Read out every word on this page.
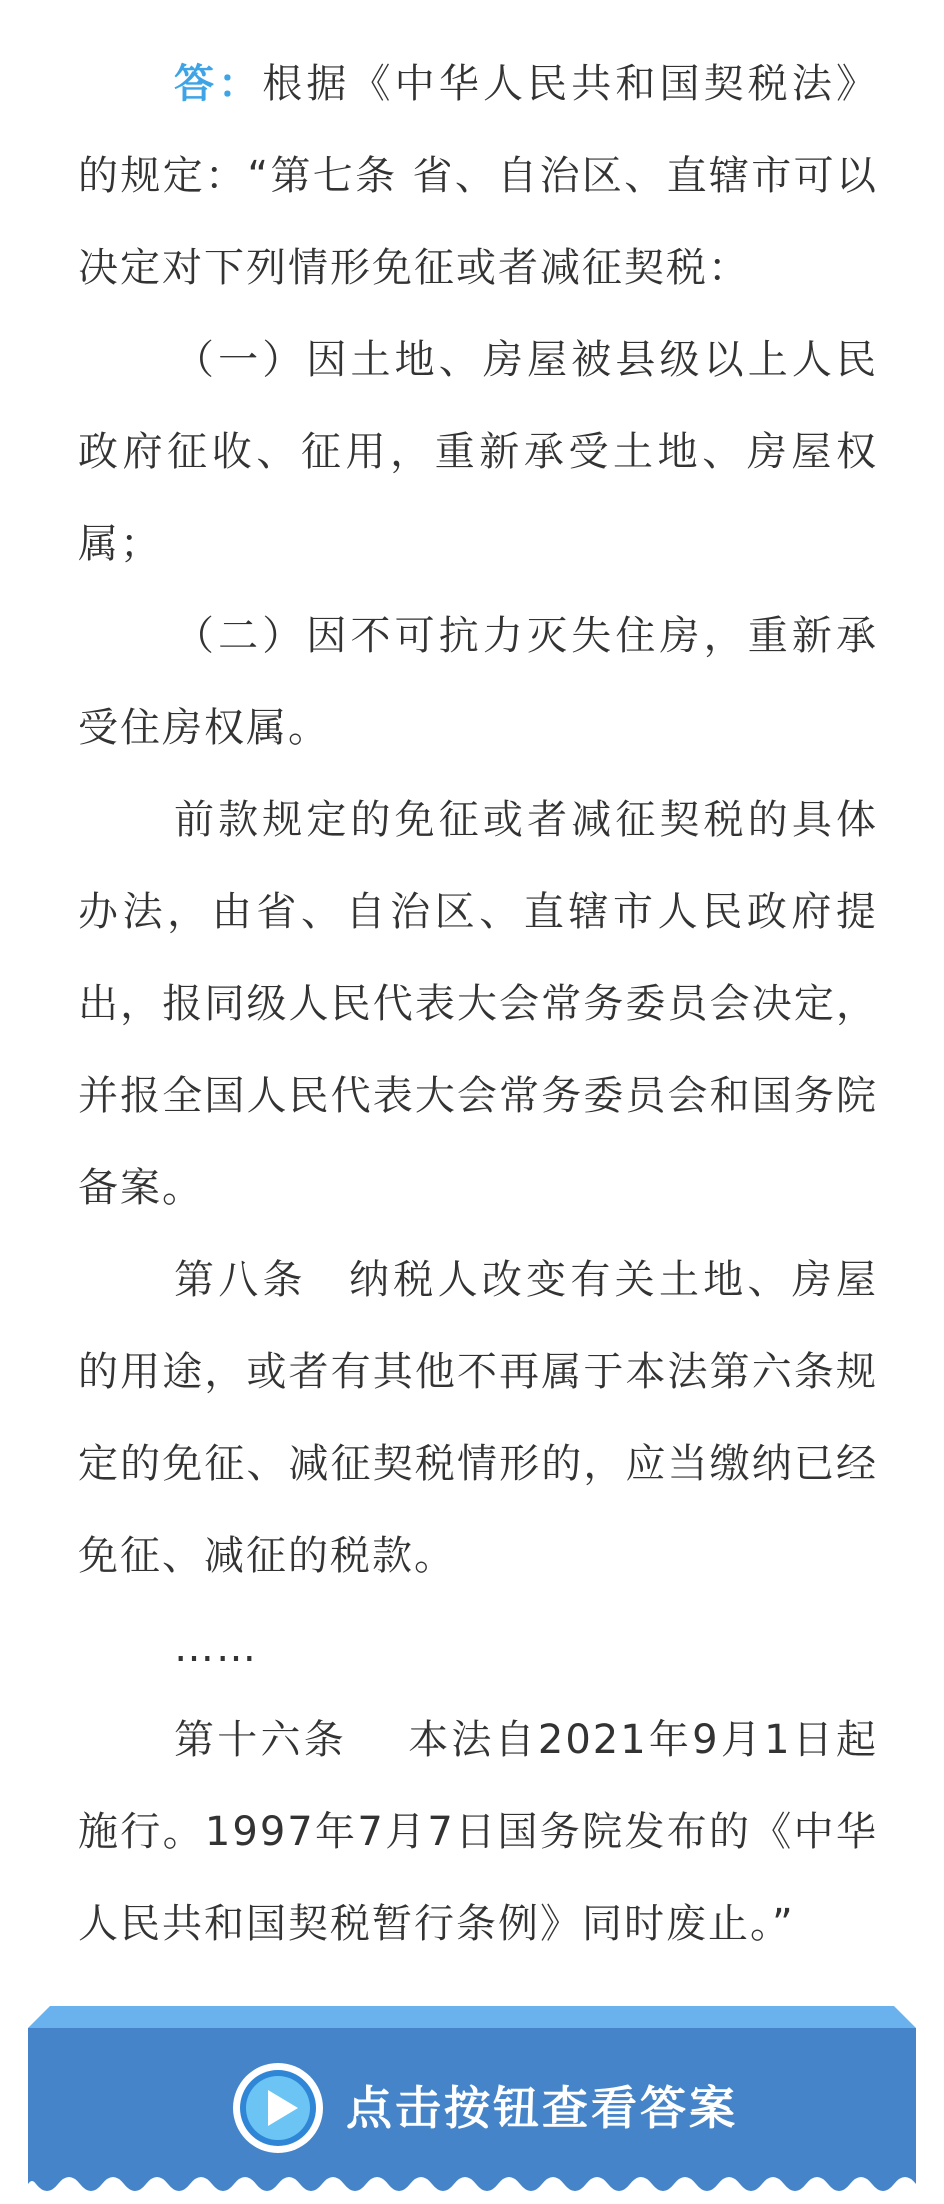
答：根据《中华人民共和国契税法》的规定：“第七条 省、自治区、直辖市可以决定对下列情形免征或者减征契税：

（一）因土地、房屋被县级以上人民政府征收、征用，重新承受土地、房屋权属；

（二）因不可抗力灭失住房，重新承受住房权属。

前款规定的免征或者减征契税的具体办法，由省、自治区、直辖市人民政府提出，报同级人民代表大会常务委员会决定，并报全国人民代表大会常务委员会和国务院备案。

第八条 纳税人改变有关土地、房屋的用途，或者有其他不再属于本法第六条规定的免征、减征契税情形的，应当缴纳已经免征、减征的税款。

……

第十六条 本法自2021年9月1日起施行。1997年7月7日国务院发布的《中华人民共和国契税暂行条例》同时废止。”

点击按钮查看答案
